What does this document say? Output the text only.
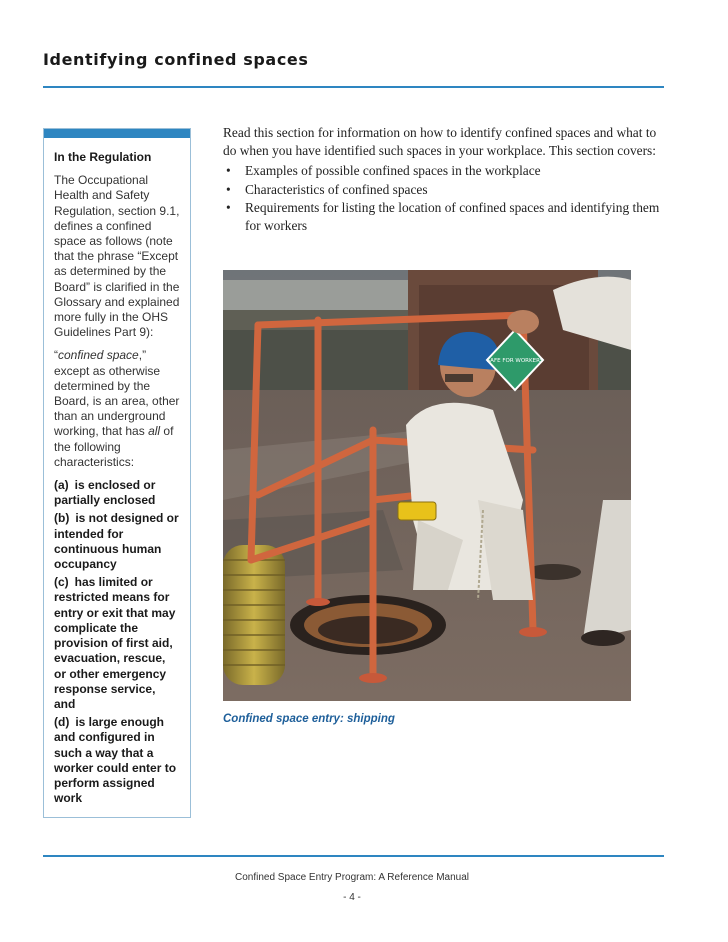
Identifying confined spaces
In the Regulation

The Occupational Health and Safety Regulation, section 9.1, defines a confined space as follows (note that the phrase “Except as determined by the Board” is clarified in the Glossary and explained more fully in the OHS Guidelines Part 9):

“confined space,” except as otherwise determined by the Board, is an area, other than an underground working, that has all of the following characteristics:

(a) is enclosed or partially enclosed
(b) is not designed or intended for continuous human occupancy
(c) has limited or restricted means for entry or exit that may complicate the provision of first aid, evacuation, rescue, or other emergency response service, and
(d) is large enough and configured in such a way that a worker could enter to perform assigned work

Read this section for information on how to identify confined spaces and what to do when you have identified such spaces in your workplace. This section covers:

• Examples of possible confined spaces in the workplace
• Characteristics of confined spaces
• Requirements for listing the location of confined spaces and identifying them for workers
SAFE FOR WORKERS
Confined space entry: shipping
Confined Space Entry Program: A Reference Manual
- 4 -
